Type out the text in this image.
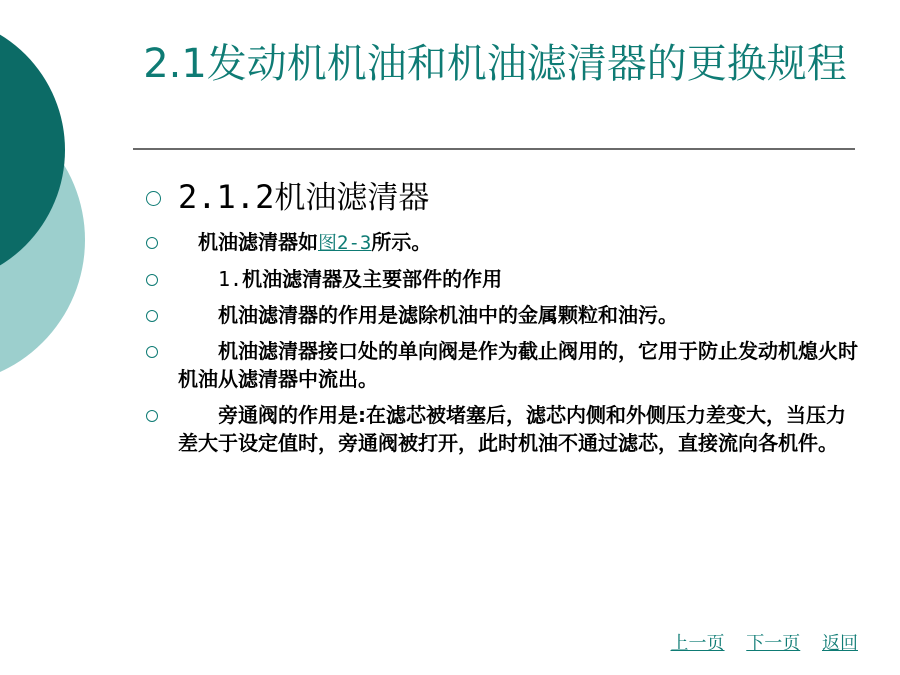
2.1发动机机油和机油滤清器的更换规程
2.1.2机油滤清器
　机油滤清器如图2-3所示。
　　1.机油滤清器及主要部件的作用
　　机油滤清器的作用是滤除机油中的金属颗粒和油污。
　　机油滤清器接口处的单向阀是作为截止阀用的，它用于防止发动机熄火时机油从滤清器中流出。
　　旁通阀的作用是:在滤芯被堵塞后，滤芯内侧和外侧压力差变大，当压力差大于设定值时，旁通阀被打开，此时机油不通过滤芯，直接流向各机件。
上一页 下一页 返回
